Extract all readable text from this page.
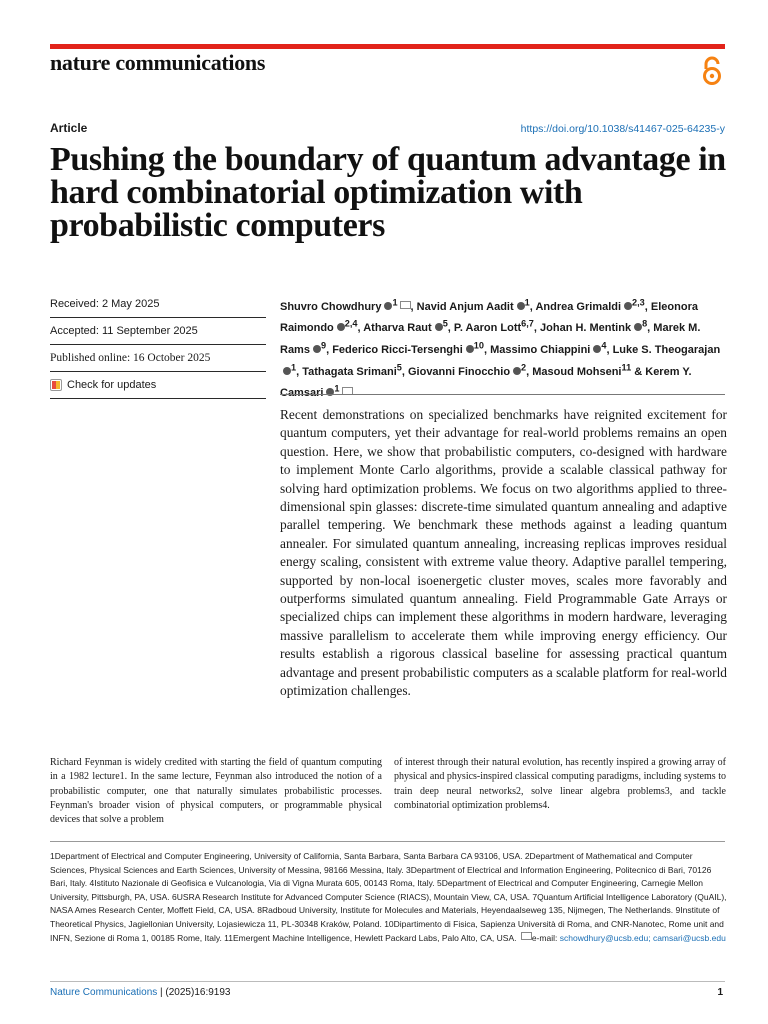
nature communications
Article	https://doi.org/10.1038/s41467-025-64235-y
Pushing the boundary of quantum advantage in hard combinatorial optimization with probabilistic computers
Received: 2 May 2025
Accepted: 11 September 2025
Published online: 16 October 2025
Check for updates

Shuvro Chowdhury $^1$ , Navid Anjum Aadit $^1$, Andrea Grimaldi $^{2,3}$, Eleonora Raimondo $^{2,4}$, Atharva Raut $^5$, P. Aaron Lott$^{6,7}$, Johan H. Mentink $^8$, Marek M. Rams $^9$, Federico Ricci-Tersenghi $^{10}$, Massimo Chiappini $^4$, Luke S. Theogarajan$^1$, Tathagata Srimani$^5$, Giovanni Finocchio $^2$, Masoud Mohseni$^{11}$ & Kerem Y. $^1$

Recent demonstrations on specialized benchmarks have reignited excitement for quantum computers, yet their advantage for real-world problems remains an open question. Here, we show that probabilistic computers, co-designed with hardware to implement Monte Carlo algorithms, provide a scalable classical pathway for solving hard optimization problems. We focus on two algorithms applied to three-dimensional spin glasses: discrete-time simulated quantum annealing and adaptive parallel tempering. We benchmark these methods against a leading quantum annealer. For simulated quantum annealing, increasing replicas improves residual energy scaling, consistent with extreme value theory. Adaptive parallel tempering, supported by non-local isoenergetic cluster moves, scales more favorably and outperforms simulated quantum annealing. Field Programmable Gate Arrays or specialized chips can implement these algorithms in modern hardware, leveraging massive parallelism to accelerate them while improving energy efficiency. Our results establish a rigorous classical baseline for assessing practical quantum advantage and present probabilistic computers as a scalable platform for real-world optimization challenges.

Richard Feynman is widely credited with starting the field of quantum computing in a 1982 lecture1. In the same lecture, Feynman also introduced the notion of a probabilistic computer, one that naturally simulates probabilistic processes. Feynman's broader vision of physical computers, or programmable physical devices that solve a problem

of interest through their natural evolution, has recently inspired a growing array of physical and physics-inspired classical computing paradigms, including systems to train deep neural networks2, solve linear algebra problems3, and tackle combinatorial optimization problems4.

1Department of Electrical and Computer Engineering, University of California, Santa Barbara, Santa Barbara CA 93106, USA. 2Department of Mathematical and Computer Sciences, Physical Sciences and Earth Sciences, University of Messina, 98166 Messina, Italy. 3Department of Electrical and Information Engineering, Politecnico di Bari, 70126 Bari, Italy. 4Istituto Nazionale di Geofisica e Vulcanologia, Via di Vigna Murata 605, 00143 Roma, Italy. 5Department of Electrical and Computer Engineering, Carnegie Mellon University, Pittsburgh, PA, USA. 6USRA Research Institute for Advanced Computer Science (RIACS), Mountain View, CA, USA. 7Quantum Artificial Intelligence Laboratory (QuAIL), NASA Ames Research Center, Moffett Field, CA, USA. 8Radboud University, Institute for Molecules and Materials, Heyendaalseweg 135, Nijmegen, The Netherlands. 9Institute of Theoretical Physics, Jagiellonian University, Lojasiewicza 11, PL-30348 Kraków, Poland. 10Dipartimento di Fisica, Sapienza Università di Roma, and CNR-Nanotec, Rome unit and INFN, Sezione di Roma 1, 00185 Rome, Italy. 11Emergent Machine Intelligence, Hewlett Packard Labs, Palo Alto, CA, USA. e-mail: schowdhury@ucsb.edu; camsari@ucsb.edu

Nature Communications | (2025)16:9193	1
